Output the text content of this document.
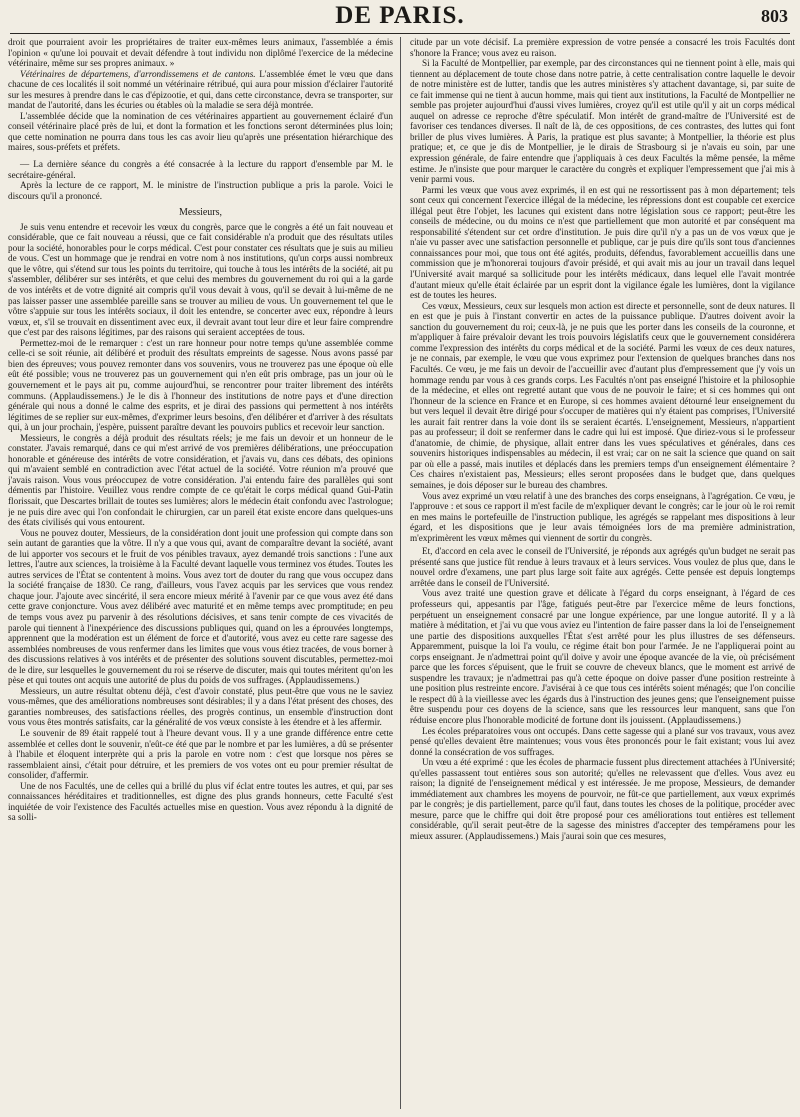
DE PARIS.	803

droit que pourraient avoir les propriétaires de traiter eux-mêmes leurs animaux, l'assemblée a émis l'opinion « qu'une loi pouvait et devait défendre à tout individu non diplômé l'exercice de la médecine vétérinaire, même sur ses propres animaux. »

Vétérinaires de départemens, d'arrondissemens et de cantons. L'assemblée émet le vœu que dans chacune de ces localités il soit nommé un vétérinaire rétribué, qui aura pour mission d'éclairer l'autorité sur les mesures à prendre dans le cas d'épizootie, et qui, dans cette circonstance, devra se transporter, sur mandat de l'autorité, dans les écuries ou étables où la maladie se sera déjà montrée.

L'assemblée décide que la nomination de ces vétérinaires appartient au gouvernement éclairé d'un conseil vétérinaire placé près de lui, et dont la formation et les fonctions seront déterminées plus loin; que cette nomination ne pourra dans tous les cas avoir lieu qu'après une présentation hiérarchique des maires, sous-préfets et préfets.

— La dernière séance du congrès a été consacrée à la lecture du rapport d'ensemble par M. le secrétaire-général.

Après la lecture de ce rapport, M. le ministre de l'instruction publique a pris la parole. Voici le discours qu'il a prononcé.

Messieurs,

Je suis venu entendre et recevoir les vœux du congrès, parce que le congrès a été un fait nouveau et considérable, que ce fait nouveau a réussi, que ce fait considérable n'a produit que des résultats utiles pour la société, honorables pour le corps médical. C'est pour constater ces résultats que je suis au milieu de vous. C'est un hommage que je rendrai en votre nom à nos institutions, qu'un corps aussi nombreux que le vôtre, qui s'étend sur tous les points du territoire, qui touche à tous les intérêts de la société, ait pu s'assembler, délibérer sur ses intérêts, et que celui des membres du gouvernement du roi qui a la garde de vos intérêts et de votre dignité ait compris qu'il vous devait à vous, qu'il se devait à lui-même de ne pas laisser passer une assemblée pareille sans se trouver au milieu de vous. Un gouvernement tel que le vôtre s'appuie sur tous les intérêts sociaux, il doit les entendre, se concerter avec eux, répondre à leurs vœux, et, s'il se trouvait en dissentiment avec eux, il devrait avant tout leur dire et leur faire comprendre que c'est par des raisons légitimes, par des raisons qui seraient acceptées de tous.

Permettez-moi de le remarquer : c'est un rare honneur pour notre temps qu'une assemblée comme celle-ci se soit réunie, ait délibéré et produit des résultats empreints de sagesse. Nous avons passé par bien des épreuves; vous pouvez remonter dans vos souvenirs, vous ne trouverez pas une époque où elle eût été possible; vous ne trouverez pas un gouvernement qui n'en eût pris ombrage, pas un jour où le gouvernement et le pays ait pu, comme aujourd'hui, se rencontrer pour traiter librement des intérêts communs. (Applaudissemens.) Je le dis à l'honneur des institutions de notre pays et d'une direction générale qui nous a donné le calme des esprits, et je dirai des passions qui permettent à nos intérêts légitimes de se replier sur eux-mêmes, d'exprimer leurs besoins, d'en délibérer et d'arriver à des résultats qui, à un jour prochain, j'espère, puissent paraître devant les pouvoirs publics et recevoir leur sanction.

Messieurs, le congrès a déjà produit des résultats réels; je me fais un devoir et un honneur de le constater. J'avais remarqué, dans ce qui m'est arrivé de vos premières délibérations, une préoccupation honorable et généreuse des intérêts de votre considération, et j'avais vu, dans ces débats, des opinions qui m'avaient semblé en contradiction avec l'état actuel de la société. Votre réunion m'a prouvé que j'avais raison. Vous vous préoccupez de votre considération. J'ai entendu faire des parallèles qui sont démentis par l'histoire. Veuillez vous rendre compte de ce qu'était le corps médical quand Gui-Patin florissait, que Descartes brillait de toutes ses lumières; alors le médecin était confondu avec l'astrologue; je ne puis dire avec qui l'on confondait le chirurgien, car un pareil état existe encore dans quelques-uns des états civilisés qui vous entourent.

Vous ne pouvez douter, Messieurs, de la considération dont jouit une profession qui compte dans son sein autant de garanties que la vôtre. Il n'y a que vous qui, avant de comparaître devant la société, avant de lui apporter vos secours et le fruit de vos pénibles travaux, ayez demandé trois sanctions : l'une aux lettres, l'autre aux sciences, la troisième à la Faculté devant laquelle vous terminez vos études. Toutes les autres services de l'État se contentent à moins. Vous avez tort de douter du rang que vous occupez dans la société française de 1830. Ce rang, d'ailleurs, vous l'avez acquis par les services que vous rendez chaque jour. J'ajoute avec sincérité, il sera encore mieux mérité à l'avenir par ce que vous avez été dans cette grave conjoncture. Vous avez délibéré avec maturité et en même temps avec promptitude; en peu de temps vous avez pu parvenir à des résolutions décisives, et sans tenir compte de ces vivacités de parole qui tiennent à l'inexpérience des discussions publiques qui, quand on les a éprouvées longtemps, apprennent que la modération est un élément de force et d'autorité, vous avez eu cette rare sagesse des assemblées nombreuses de vous renfermer dans les limites que vous vous étiez tracées, de vous borner à des discussions relatives à vos intérêts et de présenter des solutions souvent discutables, permettez-moi de le dire, sur lesquelles le gouvernement du roi se réserve de discuter, mais qui toutes méritent qu'on les pèse et qui toutes ont acquis une autorité de plus du poids de vos suffrages. (Applaudissemens.)

Messieurs, un autre résultat obtenu déjà, c'est d'avoir constaté, plus peut-être que vous ne le saviez vous-mêmes, que des améliorations nombreuses sont désirables; il y a dans l'état présent des choses, des garanties nombreuses, des satisfactions réelles, des progrès continus, un ensemble d'instruction dont vous vous êtes montrés satisfaits, car la généralité de vos vœux consiste à les étendre et à les affermir.

Le souvenir de 89 était rappelé tout à l'heure devant vous. Il y a une grande différence entre cette assemblée et celles dont le souvenir, n'eût-ce été que par le nombre et par les lumières, a dû se présenter à l'habile et éloquent interprète qui a pris la parole en votre nom : c'est que lorsque nos pères se rassemblaient ainsi, c'était pour détruire, et les premiers de vos votes ont eu pour premier résultat de consolider, d'affermir.

Une de nos Facultés, une de celles qui a brillé du plus vif éclat entre toutes les autres, et qui, par ses connaissances héréditaires et traditionnelles, est digne des plus grands honneurs, cette Faculté s'est inquiétée de voir l'existence des Facultés actuelles mise en question. Vous avez répondu à la dignité de sa solli-

citude par un vote décisif. La première expression de votre pensée a consacré les trois Facultés dont s'honore la France; vous avez eu raison.

Si la Faculté de Montpellier, par exemple, par des circonstances qui ne tiennent point à elle, mais qui tiennent au déplacement de toute chose dans notre patrie, à cette centralisation contre laquelle le devoir de notre ministère est de lutter, tandis que les autres ministères s'y attachent davantage, si, par suite de ce fait immense qui ne tient à aucun homme, mais qui tient aux institutions, la Faculté de Montpellier ne semble pas projeter aujourd'hui d'aussi vives lumières, croyez qu'il est utile qu'il y ait un corps médical auquel on adresse ce reproche d'être spéculatif. Mon intérêt de grand-maître de l'Université est de favoriser ces tendances diverses. Il naît de là, de ces oppositions, de ces contrastes, des luttes qui font briller de plus vives lumières. À Paris, la pratique est plus savante; à Montpellier, la théorie est plus pratique; et, ce que je dis de Montpellier, je le dirais de Strasbourg si je n'avais eu soin, par une expression générale, de faire entendre que j'appliquais à ces deux Facultés la même pensée, la même estime. Je n'insiste que pour marquer le caractère du congrès et expliquer l'empressement que j'ai mis à venir parmi vous.

Parmi les vœux que vous avez exprimés, il en est qui ne ressortissent pas à mon département; tels sont ceux qui concernent l'exercice illégal de la médecine, les répressions dont est coupable cet exercice illégal peut être l'objet, les lacunes qui existent dans notre législation sous ce rapport; peut-être les conseils de médecine, ou du moins ce n'est que partiellement que mon autorité et par conséquent ma responsabilité s'étendent sur cet ordre d'institution. Je puis dire qu'il n'y a pas un de vos vœux que je n'aie vu passer avec une satisfaction personnelle et publique, car je puis dire qu'ils sont tous d'anciennes connaissances pour moi, que tous ont été agités, produits, défendus, favorablement accueillis dans une commission que je m'honorerai toujours d'avoir présidé, et qui avait mis au jour un travail dans lequel l'Université avait marqué sa sollicitude pour les intérêts médicaux, dans lequel elle l'avait montrée d'autant mieux qu'elle était éclairée par un esprit dont la vigilance égale les lumières, dont la vigilance est de toutes les heures.

Ces vœux, Messieurs, ceux sur lesquels mon action est directe et personnelle, sont de deux natures. Il en est que je puis à l'instant convertir en actes de la puissance publique. D'autres doivent avoir la sanction du gouvernement du roi; ceux-là, je ne puis que les porter dans les conseils de la couronne, et m'appliquer à faire prévaloir devant les trois pouvoirs législatifs ceux que le gouvernement considérera comme l'expression des intérêts du corps médical et de la société. Parmi les vœux de ces deux natures, je ne connais, par exemple, le vœu que vous exprimez pour l'extension de quelques branches dans nos Facultés. Ce vœu, je me fais un devoir de l'accueillir avec d'autant plus d'empressement que j'y vois un hommage rendu par vous à ces grands corps. Les Facultés n'ont pas enseigné l'histoire et la philosophie de la médecine, et elles ont regretté autant que vous de ne pouvoir le faire; et si ces hommes qui ont l'honneur de la science en France et en Europe, si ces hommes avaient détourné leur enseignement du but vers lequel il devait être dirigé pour s'occuper de matières qui n'y étaient pas comprises, l'Université les aurait fait rentrer dans la voie dont ils se seraient écartés. L'enseignement, Messieurs, n'appartient pas au professeur; il doit se renfermer dans le cadre qui lui est imposé. Que diriez-vous si le professeur d'anatomie, de chimie, de physique, allait entrer dans les vues spéculatives et générales, dans ces souvenirs historiques indispensables au médecin, il est vrai; car on ne sait la science que quand on sait par où elle a passé, mais inutiles et déplacés dans les premiers temps d'un enseignement élémentaire ? Ces chaires n'existaient pas, Messieurs; elles seront proposées dans le budget que, dans quelques semaines, je dois déposer sur le bureau des chambres.

Vous avez exprimé un vœu relatif à une des branches des corps enseignans, à l'agrégation. Ce vœu, je l'approuve : et sous ce rapport il m'est facile de m'expliquer devant le congrès; car le jour où le roi remit en mes mains le portefeuille de l'instruction publique, les agrégés se rappelant mes dispositions à leur égard, et les dispositions que je leur avais témoignées lors de ma première administration, m'exprimèrent les vœux mêmes qui viennent de sortir du congrès.

Et, d'accord en cela avec le conseil de l'Université, je réponds aux agrégés qu'un budget ne serait pas présenté sans que justice fût rendue à leurs travaux et à leurs services. Vous voulez de plus que, dans le nouvel ordre d'examens, une part plus large soit faite aux agrégés. Cette pensée est depuis longtemps arrêtée dans le conseil de l'Université.

Vous avez traité une question grave et délicate à l'égard du corps enseignant, à l'égard de ces professeurs qui, appesantis par l'âge, fatigués peut-être par l'exercice même de leurs fonctions, perpétuent un enseignement consacré par une longue expérience, par une longue autorité. Il y a là matière à méditation, et j'ai vu que vous aviez eu l'intention de faire passer dans la loi de l'enseignement une partie des dispositions auxquelles l'État s'est arrêté pour les plus illustres de ses défenseurs. Apparemment, puisque la loi l'a voulu, ce régime était bon pour l'armée. Je ne l'appliquerai point au corps enseignant. Je n'admettrai point qu'il doive y avoir une époque avancée de la vie, où précisément parce que les forces s'épuisent, que le fruit se couvre de cheveux blancs, que le moment est arrivé de suspendre les travaux; je n'admettrai pas qu'à cette époque on doive passer d'une position restreinte à une position plus restreinte encore. J'avisérai à ce que tous ces intérêts soient ménagés; que l'on concilie le respect dû à la vieillesse avec les égards dus à l'instruction des jeunes gens; que l'enseignement puisse être suspendu pour ces doyens de la science, sans que les ressources leur manquent, sans que l'on réduise encore plus l'honorable modicité de fortune dont ils jouissent. (Applaudissemens.)

Les écoles préparatoires vous ont occupés. Dans cette sagesse qui a plané sur vos travaux, vous avez pensé qu'elles devaient être maintenues; vous vous êtes prononcés pour le fait existant; vous lui avez donné la consécration de vos suffrages.

Un vœu a été exprimé : que les écoles de pharmacie fussent plus directement attachées à l'Université; qu'elles passassent tout entières sous son autorité; qu'elles ne relevassent que d'elles. Vous avez eu raison; la dignité de l'enseignement médical y est intéressée. Je me propose, Messieurs, de demander immédiatement aux chambres les moyens de pourvoir, ne fût-ce que partiellement, aux vœux exprimés par le congrès; je dis partiellement, parce qu'il faut, dans toutes les choses de la politique, procéder avec mesure, parce que le chiffre qui doit être proposé pour ces améliorations tout entières est tellement considérable, qu'il serait peut-être de la sagesse des ministres d'accepter des tempéramens pour les mieux assurer. (Applaudissemens.) Mais j'aurai soin que ces mesures,
